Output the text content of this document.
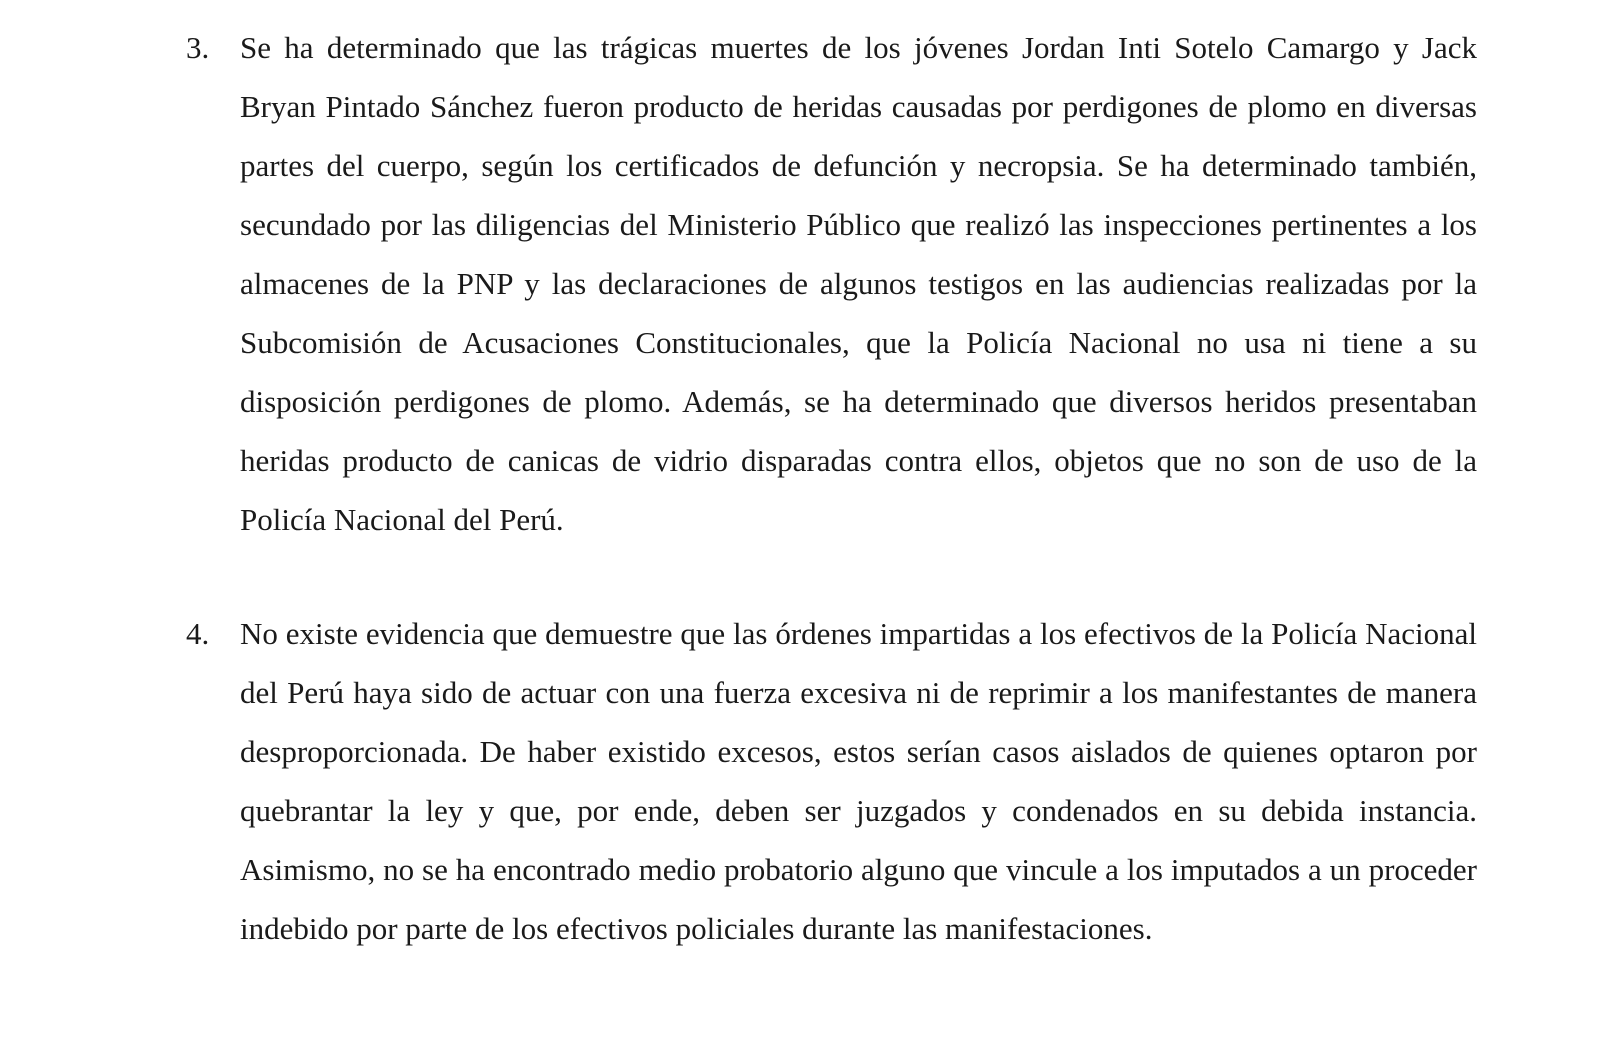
3. Se ha determinado que las trágicas muertes de los jóvenes Jordan Inti Sotelo Camargo y Jack Bryan Pintado Sánchez fueron producto de heridas causadas por perdigones de plomo en diversas partes del cuerpo, según los certificados de defunción y necropsia. Se ha determinado también, secundado por las diligencias del Ministerio Público que realizó las inspecciones pertinentes a los almacenes de la PNP y las declaraciones de algunos testigos en las audiencias realizadas por la Subcomisión de Acusaciones Constitucionales, que la Policía Nacional no usa ni tiene a su disposición perdigones de plomo. Además, se ha determinado que diversos heridos presentaban heridas producto de canicas de vidrio disparadas contra ellos, objetos que no son de uso de la Policía Nacional del Perú.

4. No existe evidencia que demuestre que las órdenes impartidas a los efectivos de la Policía Nacional del Perú haya sido de actuar con una fuerza excesiva ni de reprimir a los manifestantes de manera desproporcionada. De haber existido excesos, estos serían casos aislados de quienes optaron por quebrantar la ley y que, por ende, deben ser juzgados y condenados en su debida instancia. Asimismo, no se ha encontrado medio probatorio alguno que vincule a los imputados a un proceder indebido por parte de los efectivos policiales durante las manifestaciones.
